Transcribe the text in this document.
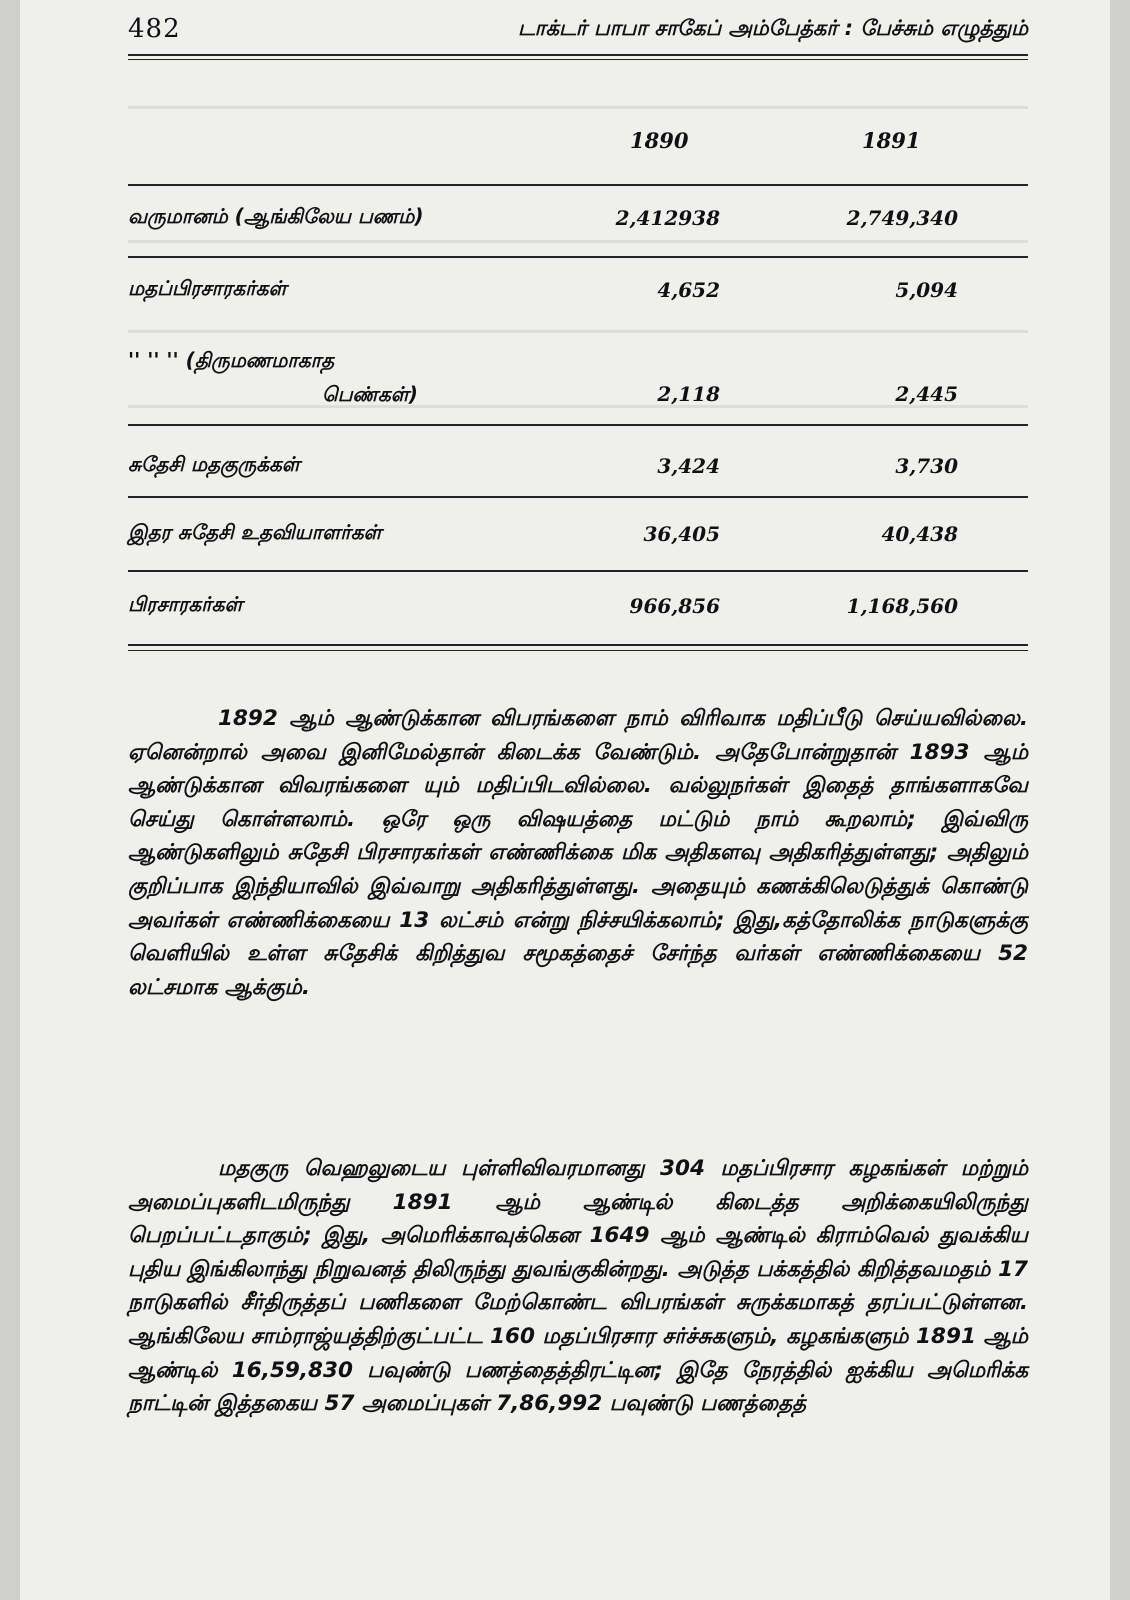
482	டாக்டர் பாபா சாகேப் அம்பேத்கர் : பேச்சும் எழுத்தும்
1890	1891
வருமானம் (ஆங்கிலேய பணம்)	2,412938	2,749,340
மதப்பிரசாரகர்கள்	4,652	5,094
'' '' '' (திருமணமாகாத
பெண்கள்)	2,118	2,445
சுதேசி மதகுருக்கள்	3,424	3,730
இதர சுதேசி உதவியாளர்கள்	36,405	40,438
பிரசாரகர்கள்	966,856	1,168,560

1892 ஆம் ஆண்டுக்கான விபரங்களை நாம் விரிவாக மதிப்பீடு செய்யவில்லை. ஏனென்றால் அவை இனிமேல்தான் கிடைக்க வேண்டும். அதேபோன்றுதான் 1893 ஆம் ஆண்டுக்கான விவரங்களை யும் மதிப்பிடவில்லை. வல்லுநர்கள் இதைத் தாங்களாகவே செய்து கொள்ளலாம். ஒரே ஒரு விஷயத்தை மட்டும் நாம் கூறலாம்; இவ்விரு ஆண்டுகளிலும் சுதேசி பிரசாரகர்கள் எண்ணிக்கை மிக அதிகளவு அதிகரித்துள்ளது; அதிலும் குறிப்பாக இந்தியாவில் இவ்வாறு அதிகரித்துள்ளது. அதையும் கணக்கிலெடுத்துக் கொண்டு அவர்கள் எண்ணிக்கையை 13 லட்சம் என்று நிச்சயிக்கலாம்; இது,கத்தோலிக்க நாடுகளுக்கு வெளியில் உள்ள சுதேசிக் கிறித்துவ சமூகத்தைச் சேர்ந்த வர்கள் எண்ணிக்கையை 52 லட்சமாக ஆக்கும்.

மதகுரு வெஹலுடைய புள்ளிவிவரமானது 304 மதப்பிரசார கழகங்கள் மற்றும் அமைப்புகளிடமிருந்து 1891 ஆம் ஆண்டில் கிடைத்த அறிக்கையிலிருந்து பெறப்பட்டதாகும்; இது, அமெரிக்காவுக்கென 1649 ஆம் ஆண்டில் கிராம்வெல் துவக்கிய புதிய இங்கிலாந்து நிறுவனத் திலிருந்து துவங்குகின்றது. அடுத்த பக்கத்தில் கிறித்தவமதம் 17 நாடுகளில் சீர்திருத்தப் பணிகளை மேற்கொண்ட விபரங்கள் சுருக்கமாகத் தரப்பட்டுள்ளன. ஆங்கிலேய சாம்ராஜ்யத்திற்குட்பட்ட 160 மதப்பிரசார சர்ச்சுகளும், கழகங்களும் 1891 ஆம் ஆண்டில் 16,59,830 பவுண்டு பணத்தைத்திரட்டின; இதே நேரத்தில் ஐக்கிய அமெரிக்க நாட்டின் இத்தகைய 57 அமைப்புகள் 7,86,992 பவுண்டு பணத்தைத்
